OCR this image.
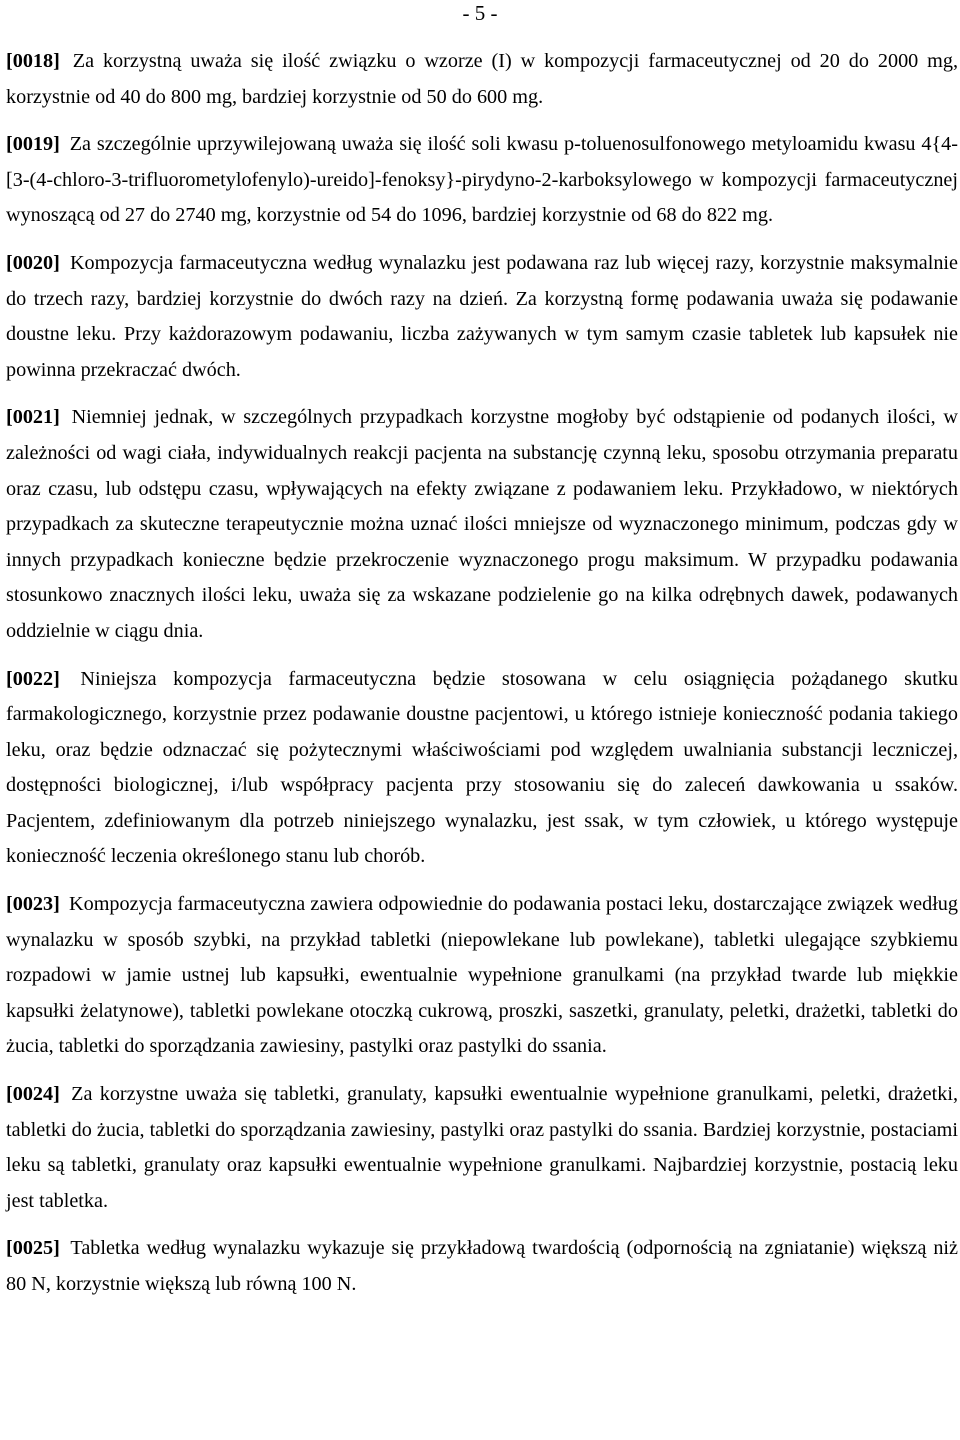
- 5 -

[0018] Za korzystną uważa się ilość związku o wzorze (I) w kompozycji farmaceutycznej od 20 do 2000 mg, korzystnie od 40 do 800 mg, bardziej korzystnie od 50 do 600 mg.

[0019] Za szczególnie uprzywilejowaną uważa się ilość soli kwasu p-toluenosulfonowego metyloamidu kwasu 4{4-[3-(4-chloro-3-trifluorometylofenylo)-ureido]-fenoksy}-pirydyno-2-karboksylowego w kompozycji farmaceutycznej wynoszącą od 27 do 2740 mg, korzystnie od 54 do 1096, bardziej korzystnie od 68 do 822 mg.

[0020] Kompozycja farmaceutyczna według wynalazku jest podawana raz lub więcej razy, korzystnie maksymalnie do trzech razy, bardziej korzystnie do dwóch razy na dzień. Za korzystną formę podawania uważa się podawanie doustne leku. Przy każdorazowym podawaniu, liczba zażywanych w tym samym czasie tabletek lub kapsułek nie powinna przekraczać dwóch.

[0021] Niemniej jednak, w szczególnych przypadkach korzystne mogłoby być odstąpienie od podanych ilości, w zależności od wagi ciała, indywidualnych reakcji pacjenta na substancję czynną leku, sposobu otrzymania preparatu oraz czasu, lub odstępu czasu, wpływających na efekty związane z podawaniem leku. Przykładowo, w niektórych przypadkach za skuteczne terapeutycznie można uznać ilości mniejsze od wyznaczonego minimum, podczas gdy w innych przypadkach konieczne będzie przekroczenie wyznaczonego progu maksimum. W przypadku podawania stosunkowo znacznych ilości leku, uważa się za wskazane podzielenie go na kilka odrębnych dawek, podawanych oddzielnie w ciągu dnia.

[0022] Niniejsza kompozycja farmaceutyczna będzie stosowana w celu osiągnięcia pożądanego skutku farmakologicznego, korzystnie przez podawanie doustne pacjentowi, u którego istnieje konieczność podania takiego leku, oraz będzie odznaczać się pożytecznymi właściwościami pod względem uwalniania substancji leczniczej, dostępności biologicznej, i/lub współpracy pacjenta przy stosowaniu się do zaleceń dawkowania u ssaków. Pacjentem, zdefiniowanym dla potrzeb niniejszego wynalazku, jest ssak, w tym człowiek, u którego występuje konieczność leczenia określonego stanu lub chorób.

[0023] Kompozycja farmaceutyczna zawiera odpowiednie do podawania postaci leku, dostarczające związek według wynalazku w sposób szybki, na przykład tabletki (niepowlekane lub powlekane), tabletki ulegające szybkiemu rozpadowi w jamie ustnej lub kapsułki, ewentualnie wypełnione granulkami (na przykład twarde lub miękkie kapsułki żelatynowe), tabletki powlekane otoczką cukrową, proszki, saszetki, granulaty, peletki, drażetki, tabletki do żucia, tabletki do sporządzania zawiesiny, pastylki oraz pastylki do ssania.

[0024] Za korzystne uważa się tabletki, granulaty, kapsułki ewentualnie wypełnione granulkami, peletki, drażetki, tabletki do żucia, tabletki do sporządzania zawiesiny, pastylki oraz pastylki do ssania. Bardziej korzystnie, postaciami leku są tabletki, granulaty oraz kapsułki ewentualnie wypełnione granulkami. Najbardziej korzystnie, postacią leku jest tabletka.

[0025] Tabletka według wynalazku wykazuje się przykładową twardością (odpornością na zgniatanie) większą niż 80 N, korzystnie większą lub równą 100 N.
